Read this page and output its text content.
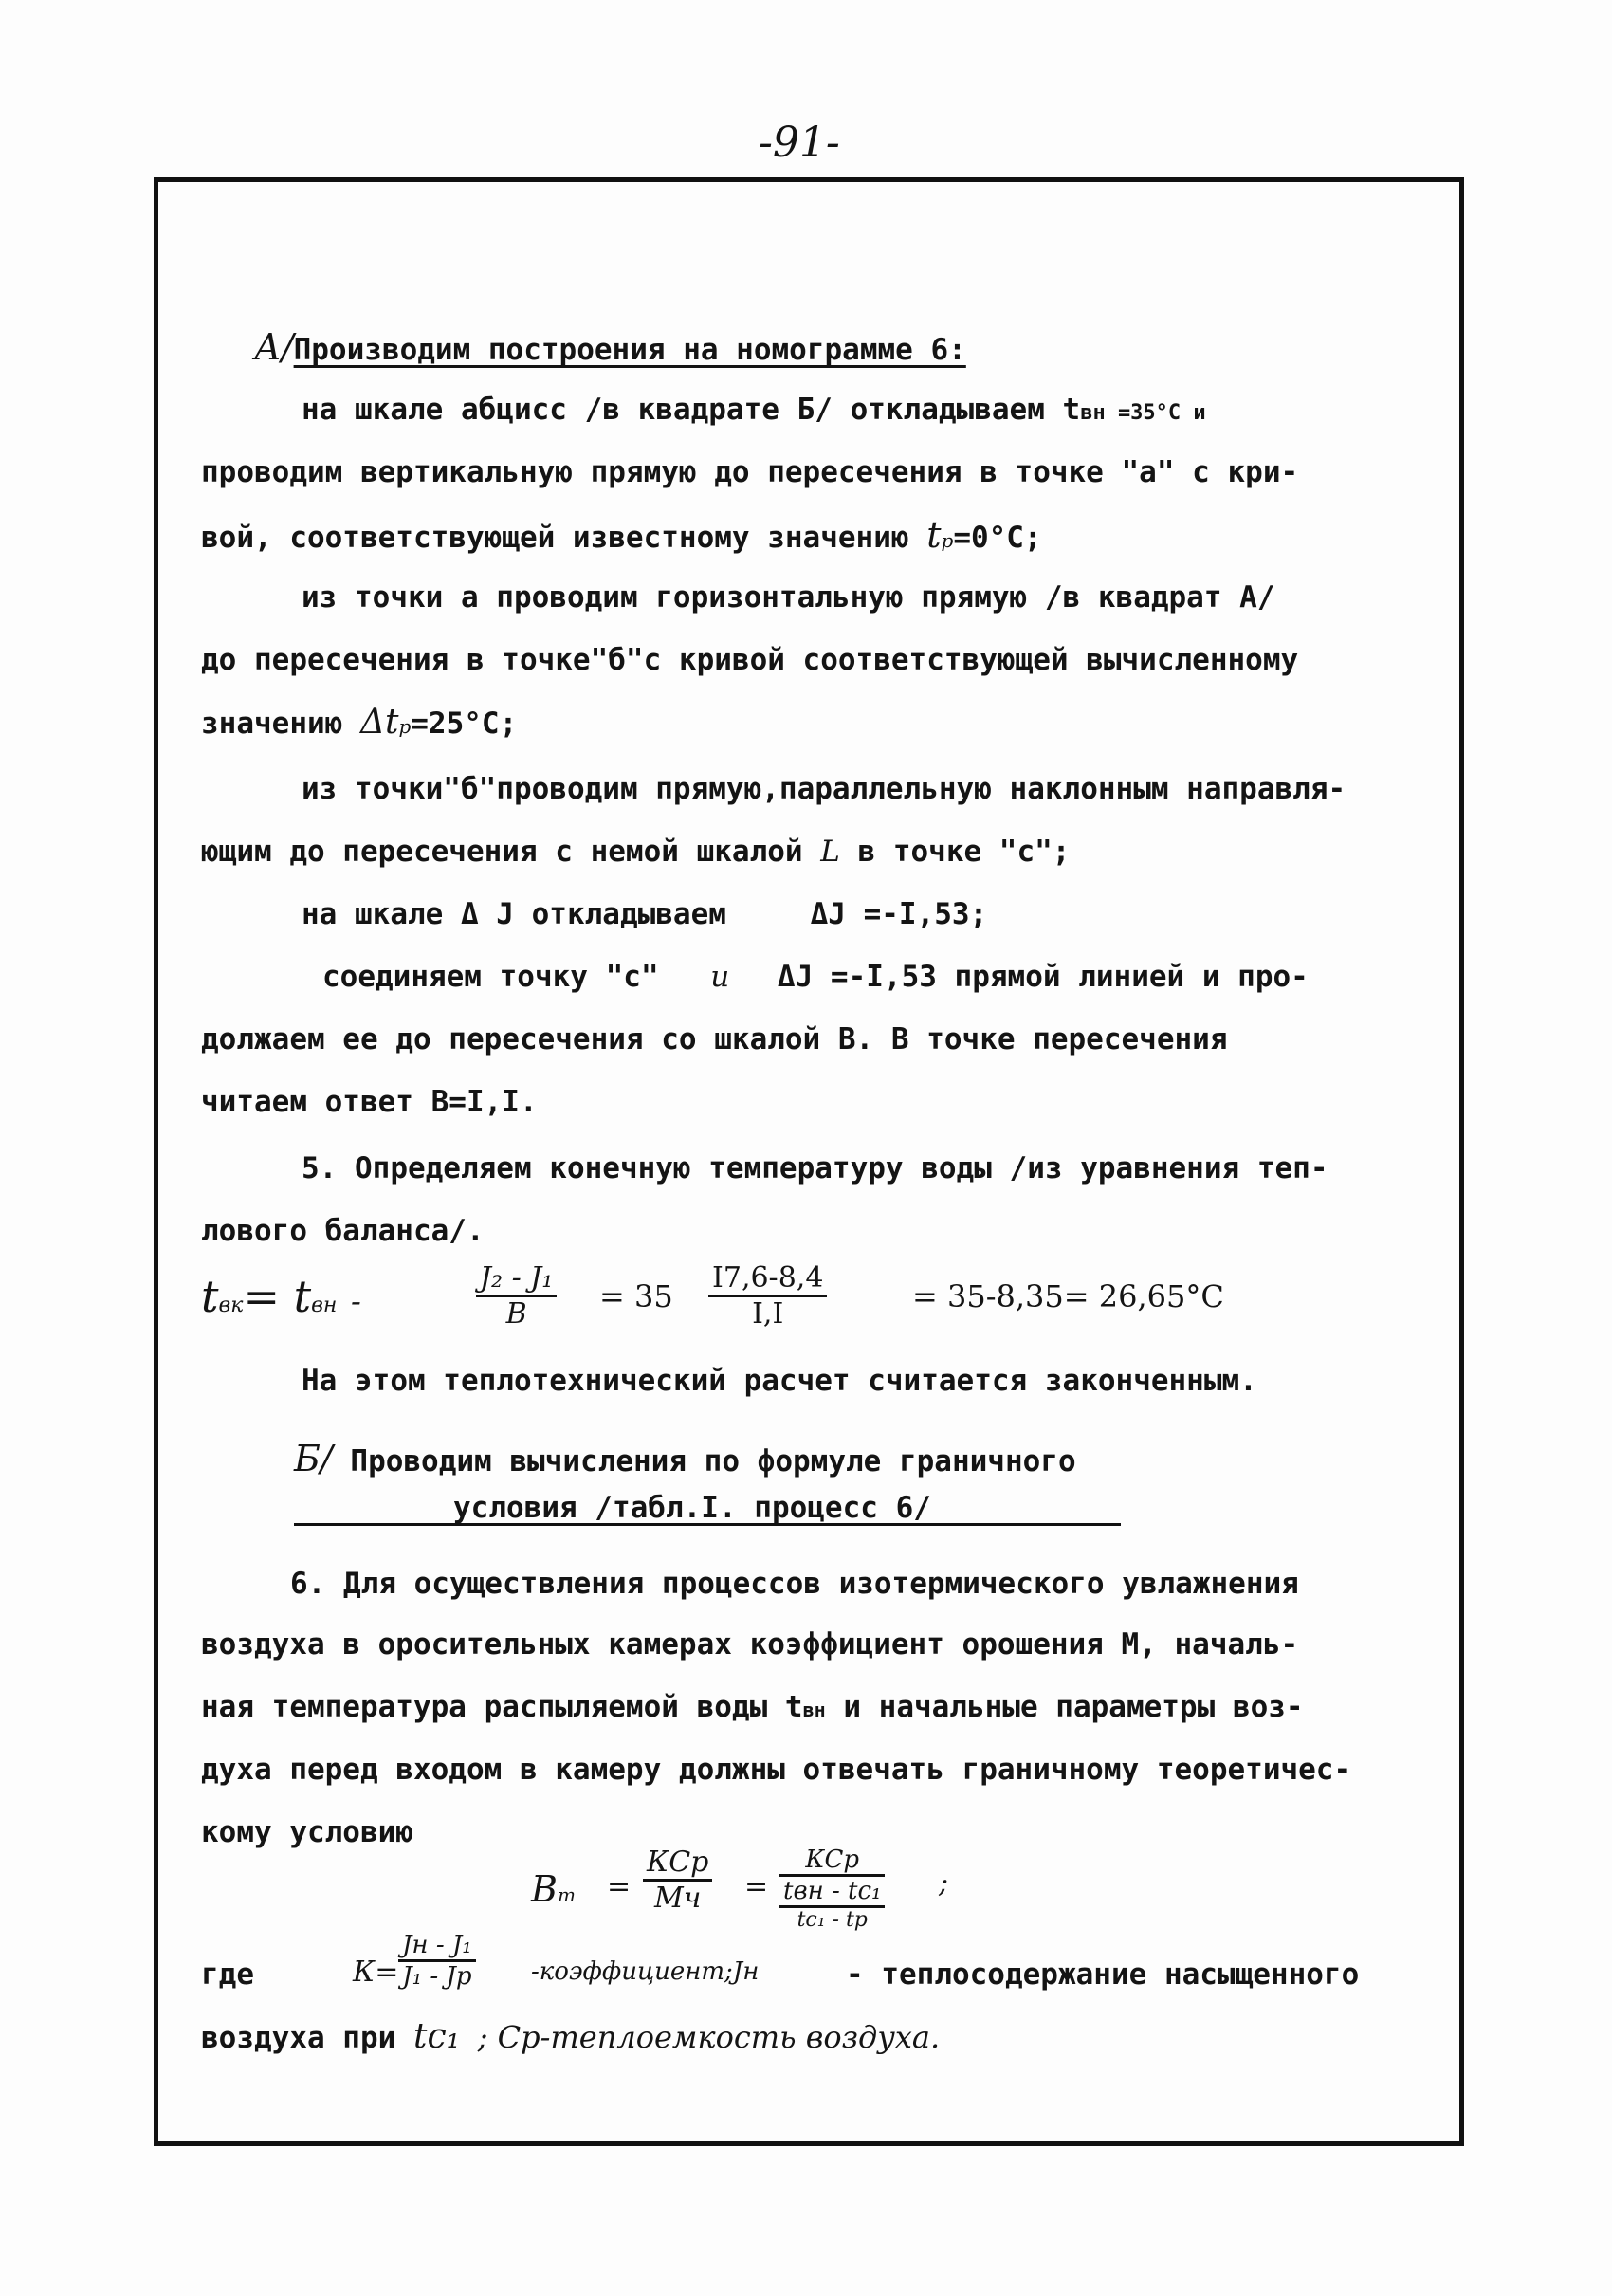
-91-
А/Производим построения на номограмме 6:
на шкале абцисс /в квадрате Б/ откладываем tвн =35°C и
проводим вертикальную прямую до пересечения в точке "а" с кри-
вой, соответствующей известному значению tр=0°С;
из точки а проводим горизонтальную прямую /в квадрат А/
до пересечения в точке"б"с кривой соответствующей вычисленному
значению Δtр=25°С;
из точки"б"проводим прямую,параллельную наклонным направля-
ющим до пересечения с немой шкалой L в точке "с";
на шкале Δ J откладываем	ΔJ =-I,53;
соединяем точку "с" и ΔJ =-I,53 прямой линией и про-
должаем ее до пересечения со шкалой В. В точке пересечения
читаем ответ В=I,I.
5. Определяем конечную температуру воды /из уравнения теп-
лового баланса/.
tвк= tвн -
J₂ - J₁
В	= $35 \frac{I7,6-8,4}{I,I}$	= 35-8,35= 26,65°С
На этом теплотехнический расчет считается законченным.
Б/ Проводим вычисления по формуле граничного
условия /табл.I. процесс 6/
6. Для осуществления процессов изотермического увлажнения
воздуха в оросительных камерах коэффициент орошения М, началь-
ная температура распыляемой воды tвн и начальные параметры воз-
духа перед входом в камеру должны отвечать граничному теоретичес-
кому условию
Вт =
КСр
Мч	=
КСр
tвн - tс₁
tс₁ - tр
;
где	К=
Jн - J₁
J₁ - Jр -коэффициент;Jн	- теплосодержание насыщенного
воздуха при tс₁ ; Ср-теплоемкость воздуха.
